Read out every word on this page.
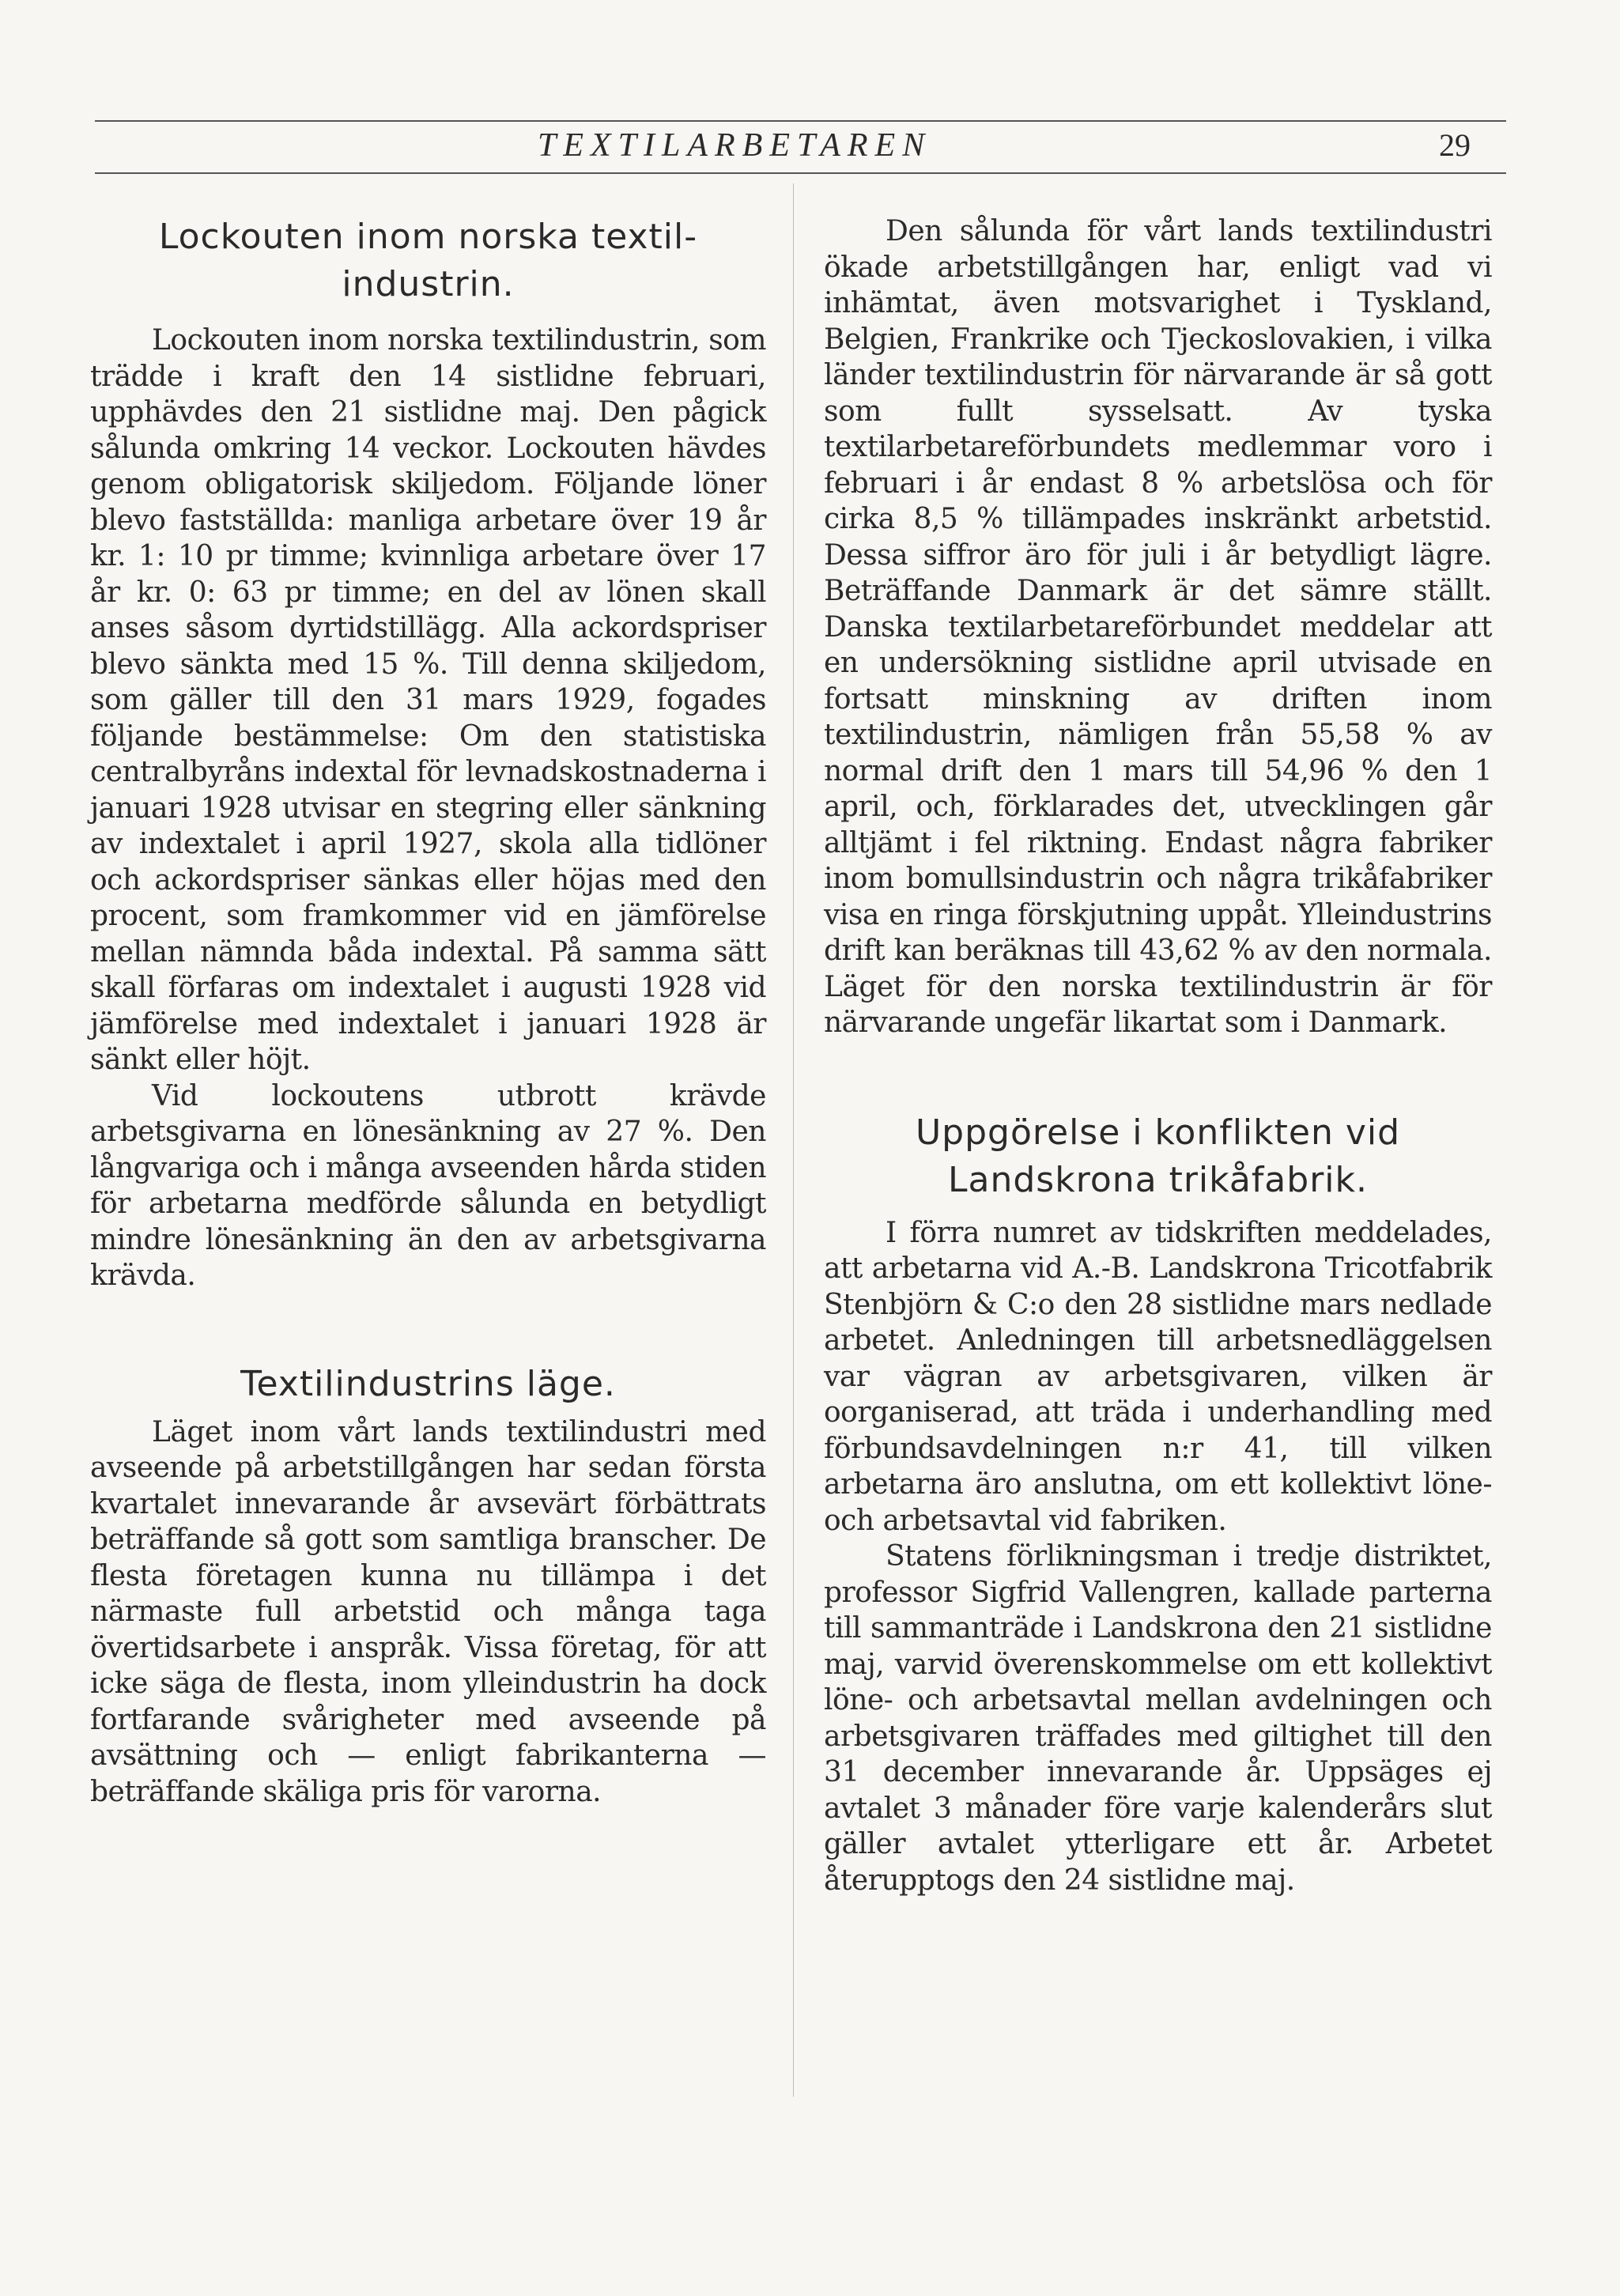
TEXTILARBETAREN	29
Lockouten inom norska textil-industrin.

Lockouten inom norska textilindustrin, som trädde i kraft den 14 sistlidne februari, upphävdes den 21 sistlidne maj. Den pågick sålunda omkring 14 veckor. Lockouten hävdes genom obligatorisk skiljedom. Följande löner blevo fastställda: manliga arbetare över 19 år kr. 1: 10 pr timme; kvinnliga arbetare över 17 år kr. 0: 63 pr timme; en del av lönen skall anses såsom dyrtidstillägg. Alla ackordspriser blevo sänkta med 15 %. Till denna skiljedom, som gäller till den 31 mars 1929, fogades följande bestämmelse: Om den statistiska centralbyråns indextal för levnadskostnaderna i januari 1928 utvisar en stegring eller sänkning av indextalet i april 1927, skola alla tidlöner och ackordspriser sänkas eller höjas med den procent, som framkommer vid en jämförelse mellan nämnda båda indextal. På samma sätt skall förfaras om indextalet i augusti 1928 vid jämförelse med indextalet i januari 1928 är sänkt eller höjt.

Vid lockoutens utbrott krävde arbetsgivarna en lönesänkning av 27 %. Den långvariga och i många avseenden hårda stiden för arbetarna medförde sålunda en betydligt mindre lönesänkning än den av arbetsgivarna krävda.

Textilindustrins läge.

Läget inom vårt lands textilindustri med avseende på arbetstillgången har sedan första kvartalet innevarande år avsevärt förbättrats beträffande så gott som samtliga branscher. De flesta företagen kunna nu tillämpa i det närmaste full arbetstid och många taga övertidsarbete i anspråk. Vissa företag, för att icke säga de flesta, inom ylleindustrin ha dock fortfarande svårigheter med avseende på avsättning och — enligt fabrikanterna — beträffande skäliga pris för varorna.

Den sålunda för vårt lands textilindustri ökade arbetstillgången har, enligt vad vi inhämtat, även motsvarighet i Tyskland, Belgien, Frankrike och Tjeckoslovakien, i vilka länder textilindustrin för närvarande är så gott som fullt sysselsatt. Av tyska textilarbetareförbundets medlemmar voro i februari i år endast 8 % arbetslösa och för cirka 8,5 % tillämpades inskränkt arbetstid. Dessa siffror äro för juli i år betydligt lägre. Beträffande Danmark är det sämre ställt. Danska textilarbetareförbundet meddelar att en undersökning sistlidne april utvisade en fortsatt minskning av driften inom textilindustrin, nämligen från 55,58 % av normal drift den 1 mars till 54,96 % den 1 april, och, förklarades det, utvecklingen går alltjämt i fel riktning. Endast några fabriker inom bomullsindustrin och några trikåfabriker visa en ringa förskjutning uppåt. Ylleindustrins drift kan beräknas till 43,62 % av den normala. Läget för den norska textilindustrin är för närvarande ungefär likartat som i Danmark.

Uppgörelse i konflikten vid Landskrona trikåfabrik.

I förra numret av tidskriften meddelades, att arbetarna vid A.-B. Landskrona Tricotfabrik Stenbjörn & C:o den 28 sistlidne mars nedlade arbetet. Anledningen till arbetsnedläggelsen var vägran av arbetsgivaren, vilken är oorganiserad, att träda i underhandling med förbundsavdelningen n:r 41, till vilken arbetarna äro anslutna, om ett kollektivt löne- och arbetsavtal vid fabriken.

Statens förlikningsman i tredje distriktet, professor Sigfrid Vallengren, kallade parterna till sammanträde i Landskrona den 21 sistlidne maj, varvid överenskommelse om ett kollektivt löne- och arbetsavtal mellan avdelningen och arbetsgivaren träffades med giltighet till den 31 december innevarande år. Uppsäges ej avtalet 3 månader före varje kalenderårs slut gäller avtalet ytterligare ett år. Arbetet återupptogs den 24 sistlidne maj.
